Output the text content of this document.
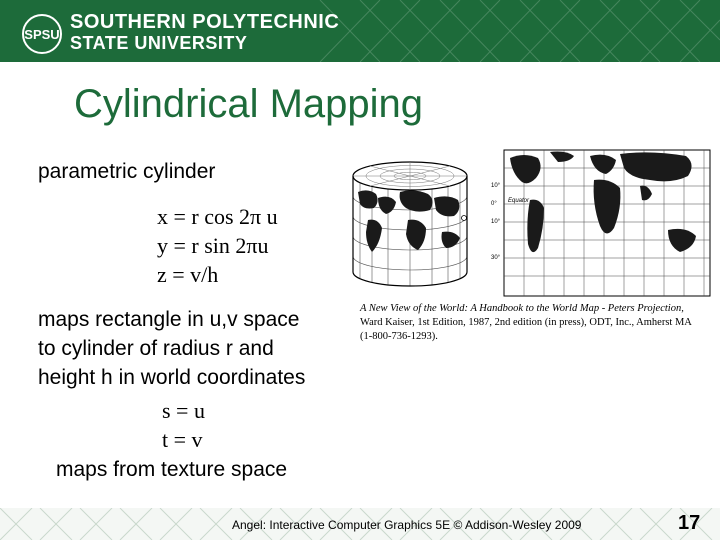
SPSU
SOUTHERN POLYTECHNIC
STATE UNIVERSITY
Cylindrical Mapping
parametric cylinder
x = r cos 2π u
y = r sin 2πu
z = v/h
maps rectangle in u,v space
to cylinder of radius r and
height h in world coordinates
s = u
t = v
maps from texture space
10°
0°
10°
30°
Equator
A New View of the World: A Handbook to the World Map - Peters Projection, Ward Kaiser, 1st Edition, 1987, 2nd edition (in press), ODT, Inc., Amherst MA (1-800-736-1293).
Angel: Interactive Computer Graphics 5E © Addison-Wesley 2009	17
